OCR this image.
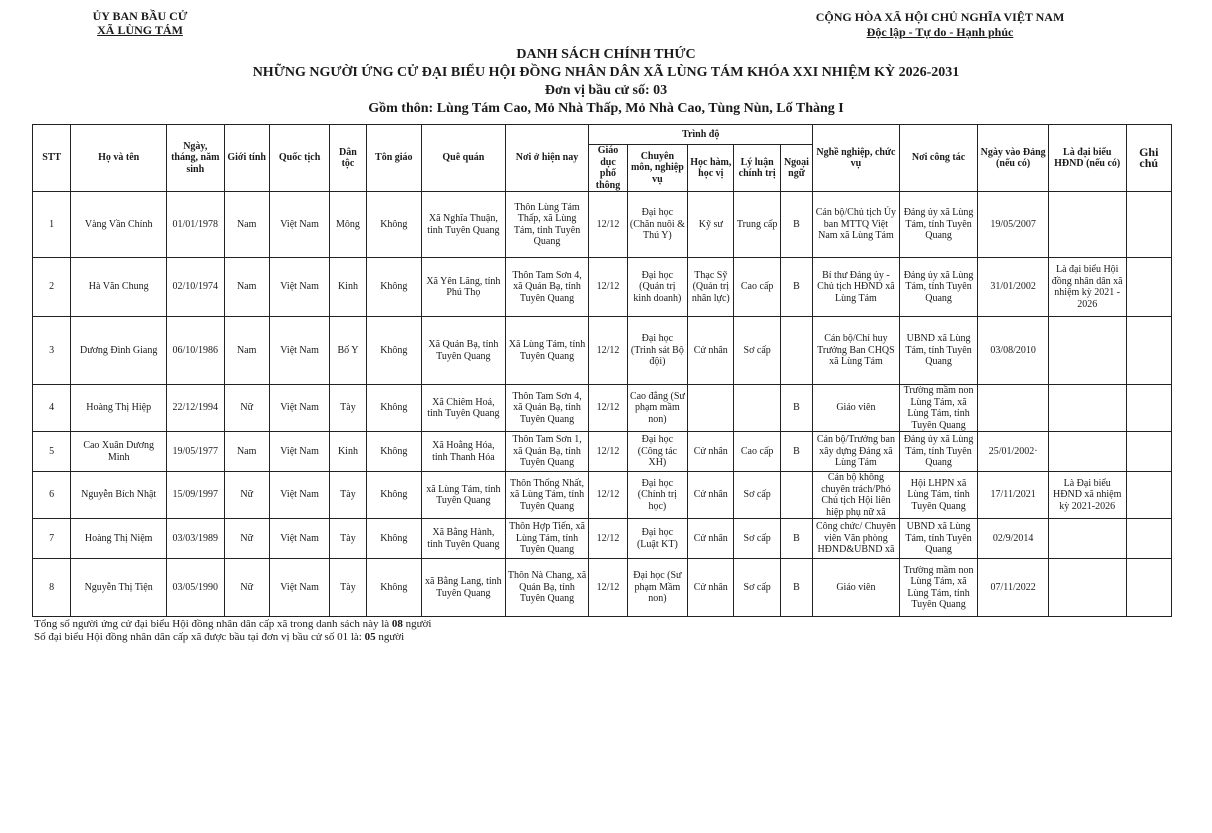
ỦY BAN BẦU CỬ
XÃ LÙNG TÁM
CỘNG HÒA XÃ HỘI CHỦ NGHĨA VIỆT NAM
Độc lập - Tự do - Hạnh phúc
DANH SÁCH CHÍNH THỨC
NHỮNG NGƯỜI ỨNG CỬ ĐẠI BIỂU HỘI ĐỒNG NHÂN DÂN XÃ LÙNG TÁM KHÓA XXI NHIỆM KỲ 2026-2031
Đơn vị bầu cử số: 03
Gồm thôn: Lùng Tám Cao, Mỏ Nhà Thấp, Mỏ Nhà Cao, Tùng Nùn, Lố Thàng I
STT	Họ và tên	Ngày, tháng, năm sinh	Giới tính	Quốc tịch	Dân tộc	Tôn giáo	Quê quán	Nơi ở hiện nay	Trình độ					Nghề nghiệp, chức vụ	Nơi công tác	Ngày vào Đảng (nếu có)	Là đại biểu HĐND (nếu có)	Ghi chú
									Giáo dục phổ thông	Chuyên môn, nghiệp vụ	Học hàm, học vị	Lý luận chính trị	Ngoại ngữ					
1	Vàng Vần Chính	01/01/1978	Nam	Việt Nam	Mông	Không	Xã Nghĩa Thuận, tỉnh Tuyên Quang	Thôn Lùng Tám Thấp, xã Lùng Tám, tỉnh Tuyên Quang	12/12	Đại học (Chăn nuôi & Thú Y)	Kỹ sư	Trung cấp	B	Cán bộ/Chủ tịch Ủy ban MTTQ Việt Nam xã Lùng Tám	Đảng ủy xã Lùng Tám, tỉnh Tuyên Quang	19/05/2007		
2	Hà Văn Chung	02/10/1974	Nam	Việt Nam	Kinh	Không	Xã Yên Lãng, tỉnh Phú Thọ	Thôn Tam Sơn 4, xã Quản Bạ, tỉnh Tuyên Quang	12/12	Đại học (Quản trị kinh doanh)	Thạc Sỹ (Quản trị nhân lực)	Cao cấp	B	Bí thư Đảng ủy - Chủ tịch HĐND xã Lùng Tám	Đảng ủy xã Lùng Tám, tỉnh Tuyên Quang	31/01/2002	Là đại biểu Hội đồng nhân dân xã nhiệm kỳ 2021 - 2026	
3	Dương Đình Giang	06/10/1986	Nam	Việt Nam	Bố Y	Không	Xã Quản Bạ, tỉnh Tuyên Quang	Xã Lùng Tám, tỉnh Tuyên Quang	12/12	Đại học (Trinh sát Bộ đội)	Cử nhân	Sơ cấp		Cán bộ/Chỉ huy Trưởng Ban CHQS xã Lùng Tám	UBND xã Lùng Tám, tỉnh Tuyên Quang	03/08/2010		
4	Hoàng Thị Hiệp	22/12/1994	Nữ	Việt Nam	Tày	Không	Xã Chiêm Hoá, tỉnh Tuyên Quang	Thôn Tam Sơn 4, xã Quản Bạ, tỉnh Tuyên Quang	12/12	Cao đẳng (Sư phạm mầm non)			B	Giáo viên	Trường mầm non Lùng Tám, xã Lùng Tám, tỉnh Tuyên Quang			
5	Cao Xuân Dương Minh	19/05/1977	Nam	Việt Nam	Kinh	Không	Xã Hoằng Hóa, tỉnh Thanh Hóa	Thôn Tam Sơn 1, xã Quản Bạ, tỉnh Tuyên Quang	12/12	Đại học (Công tác XH)	Cử nhân	Cao cấp	B	Cán bộ/Trưởng ban xây dựng Đảng xã Lùng Tám	Đảng ủy xã Lùng Tám, tỉnh Tuyên Quang	25/01/2002·		
6	Nguyễn Bích Nhật	15/09/1997	Nữ	Việt Nam	Tày	Không	xã Lùng Tám, tỉnh Tuyên Quang	Thôn Thống Nhất, xã Lùng Tám, tỉnh Tuyên Quang	12/12	Đại học (Chính trị học)	Cử nhân	Sơ cấp		Cán bộ không chuyên trách/Phó Chủ tịch Hội liên hiệp phụ nữ xã	Hội LHPN xã Lùng Tám, tỉnh Tuyên Quang	17/11/2021	Là Đại biểu HĐND xã nhiệm kỳ 2021-2026	
7	Hoàng Thị Niệm	03/03/1989	Nữ	Việt Nam	Tày	Không	Xã Bằng Hành, tỉnh Tuyên Quang	Thôn Hợp Tiến, xã Lùng Tám, tỉnh Tuyên Quang	12/12	Đại học (Luật KT)	Cử nhân	Sơ cấp	B	Công chức/ Chuyên viên Văn phòng HĐND&UBND xã	UBND xã Lùng Tám, tỉnh Tuyên Quang	02/9/2014		
8	Nguyễn Thị Tiện	03/05/1990	Nữ	Việt Nam	Tày	Không	xã Bằng Lang, tỉnh Tuyên Quang	Thôn Nà Chang, xã Quản Bạ, tỉnh Tuyên Quang	12/12	Đại học (Sư phạm Mầm non)	Cử nhân	Sơ cấp	B	Giáo viên	Trường mầm non Lùng Tám, xã Lùng Tám, tỉnh Tuyên Quang	07/11/2022		
Tổng số người ứng cử đại biểu Hội đồng nhân dân cấp xã trong danh sách này là 08 người
Số đại biểu Hội đồng nhân dân cấp xã được bầu tại đơn vị bầu cử số 01 là: 05 người
